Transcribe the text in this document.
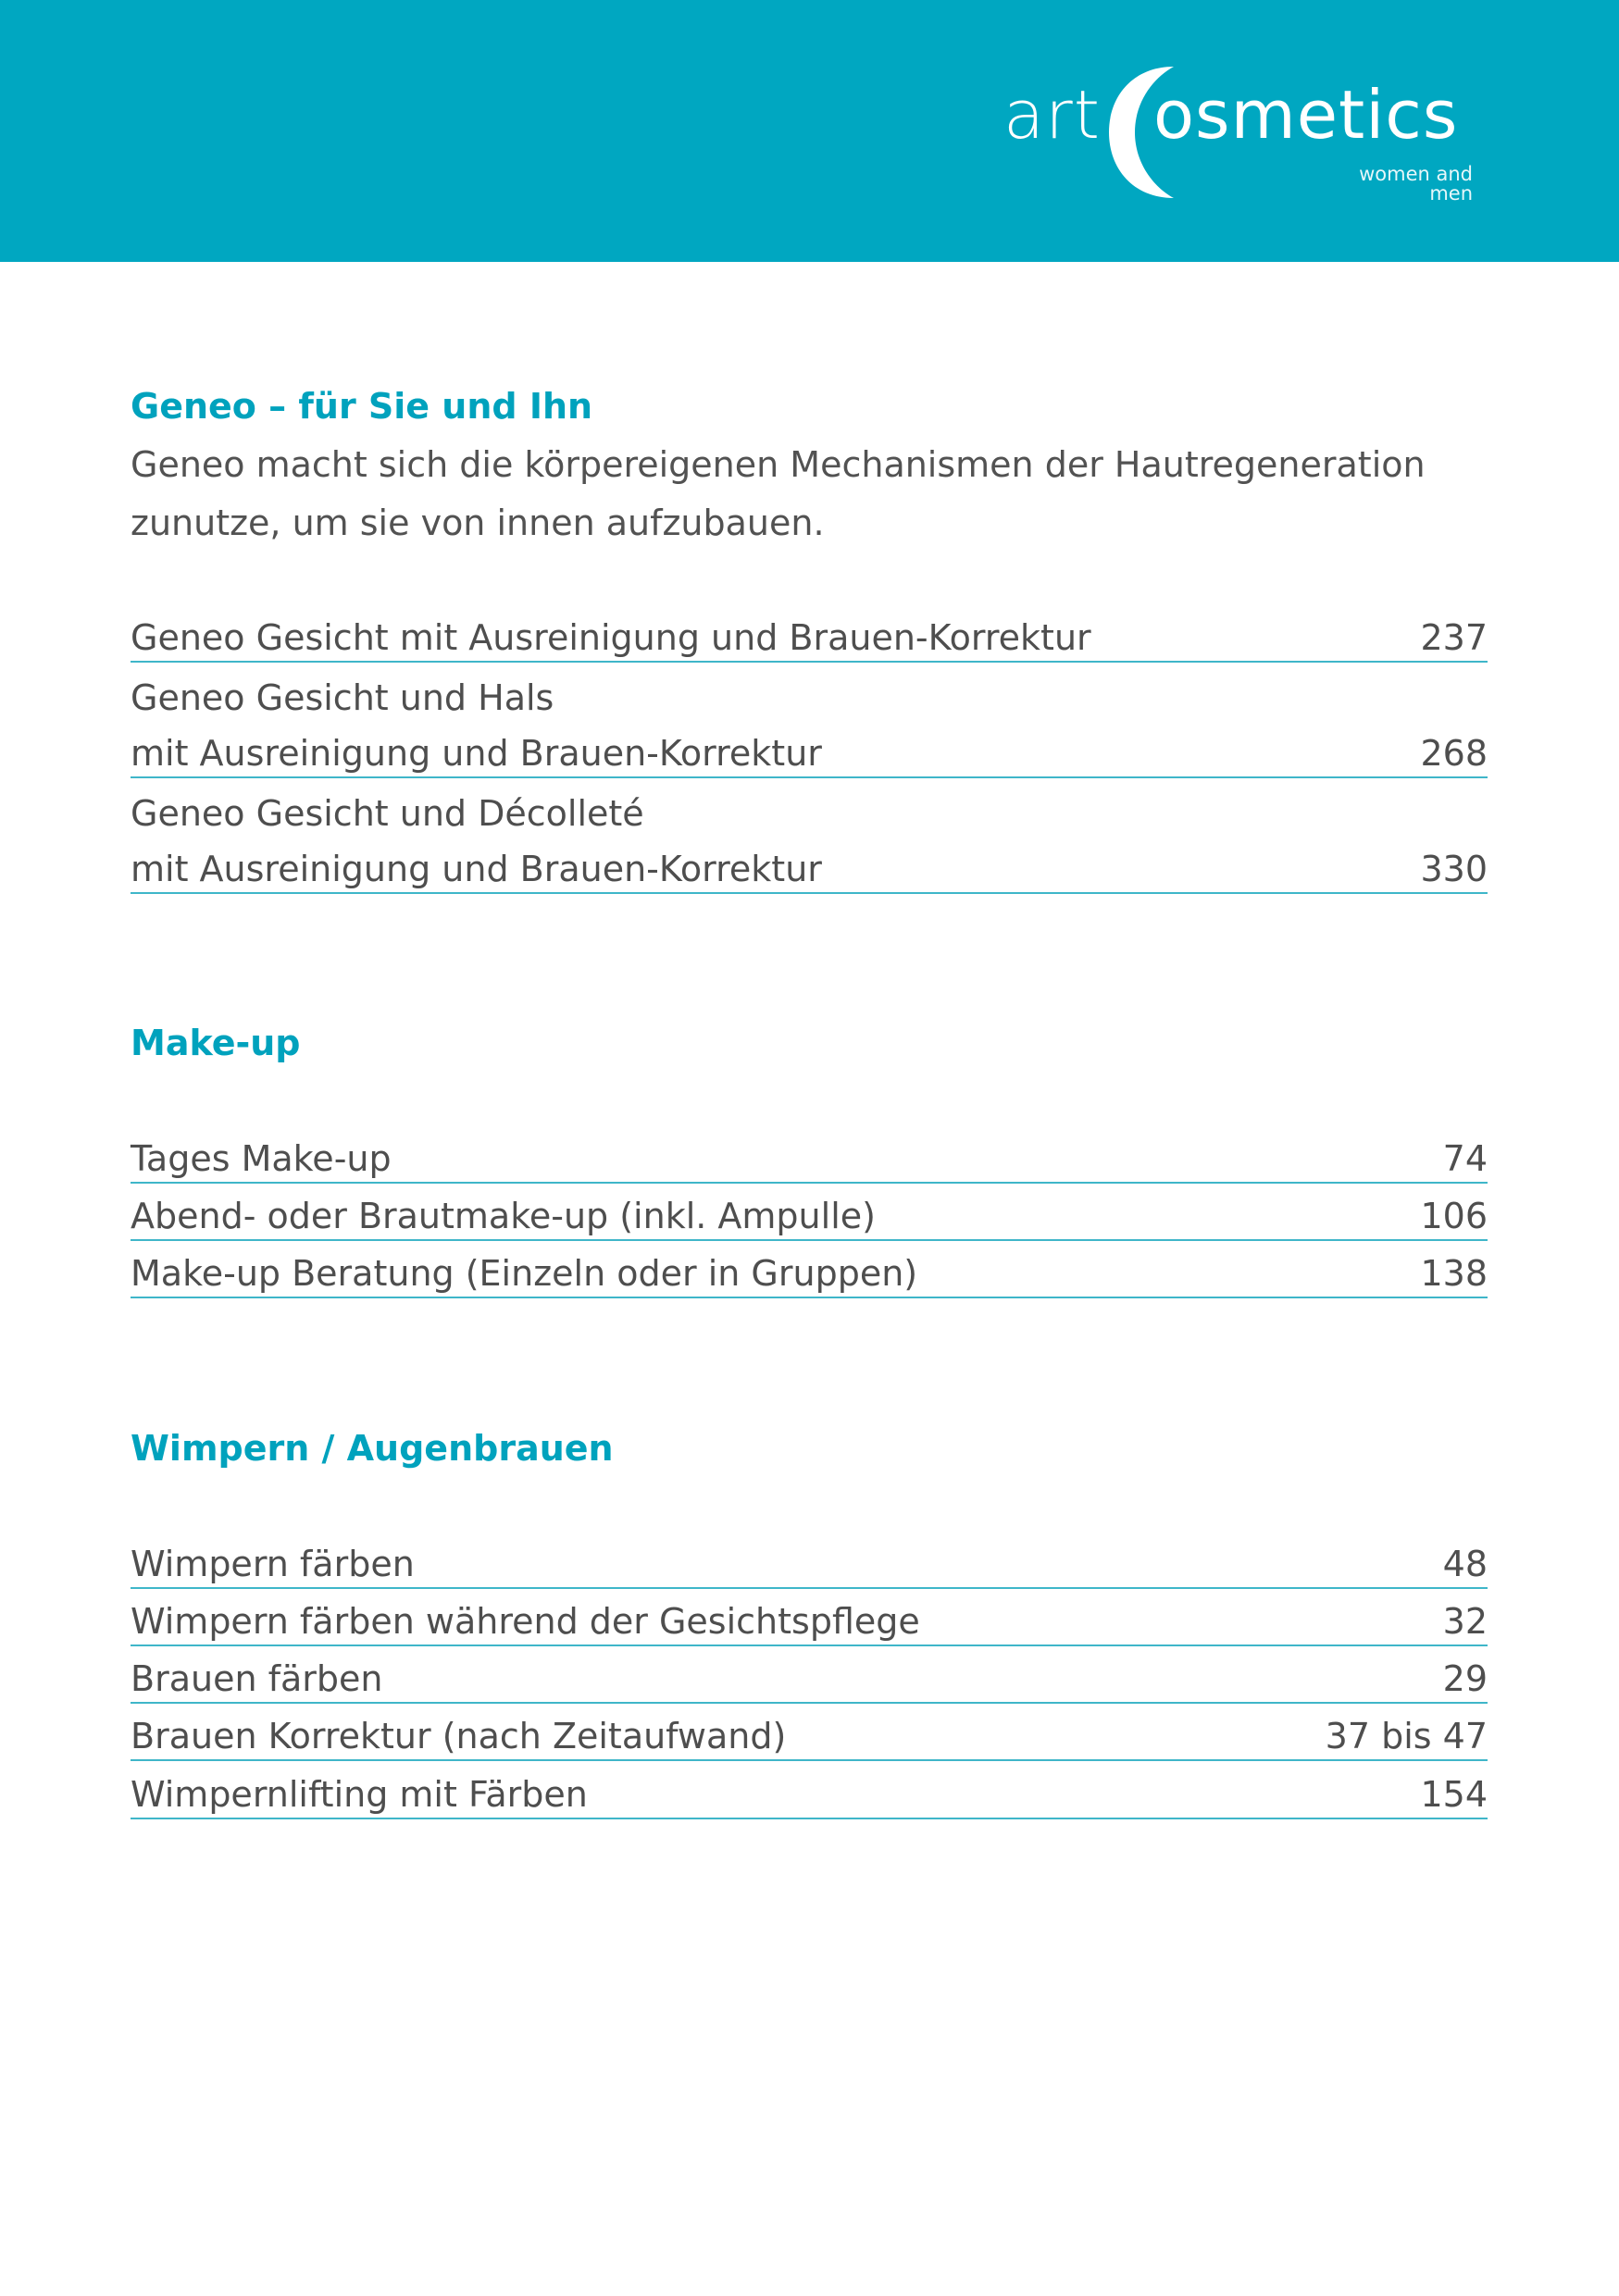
art osmetics
women and men
Geneo – für Sie und Ihn

Geneo macht sich die körpereigenen Mechanismen der Hautregeneration zunutze, um sie von innen aufzubauen.

Geneo Gesicht mit Ausreinigung und Brauen-Korrektur	237
Geneo Gesicht und Hals
mit Ausreinigung und Brauen-Korrektur	268
Geneo Gesicht und Décolleté
mit Ausreinigung und Brauen-Korrektur	330
Make-up
Tages Make-up	74
Abend- oder Brautmake-up (inkl. Ampulle)	106
Make-up Beratung (Einzeln oder in Gruppen)	138
Wimpern / Augenbrauen
Wimpern färben	48
Wimpern färben während der Gesichtspflege	32
Brauen färben	29
Brauen Korrektur (nach Zeitaufwand)	37 bis 47
Wimpernlifting mit Färben	154
